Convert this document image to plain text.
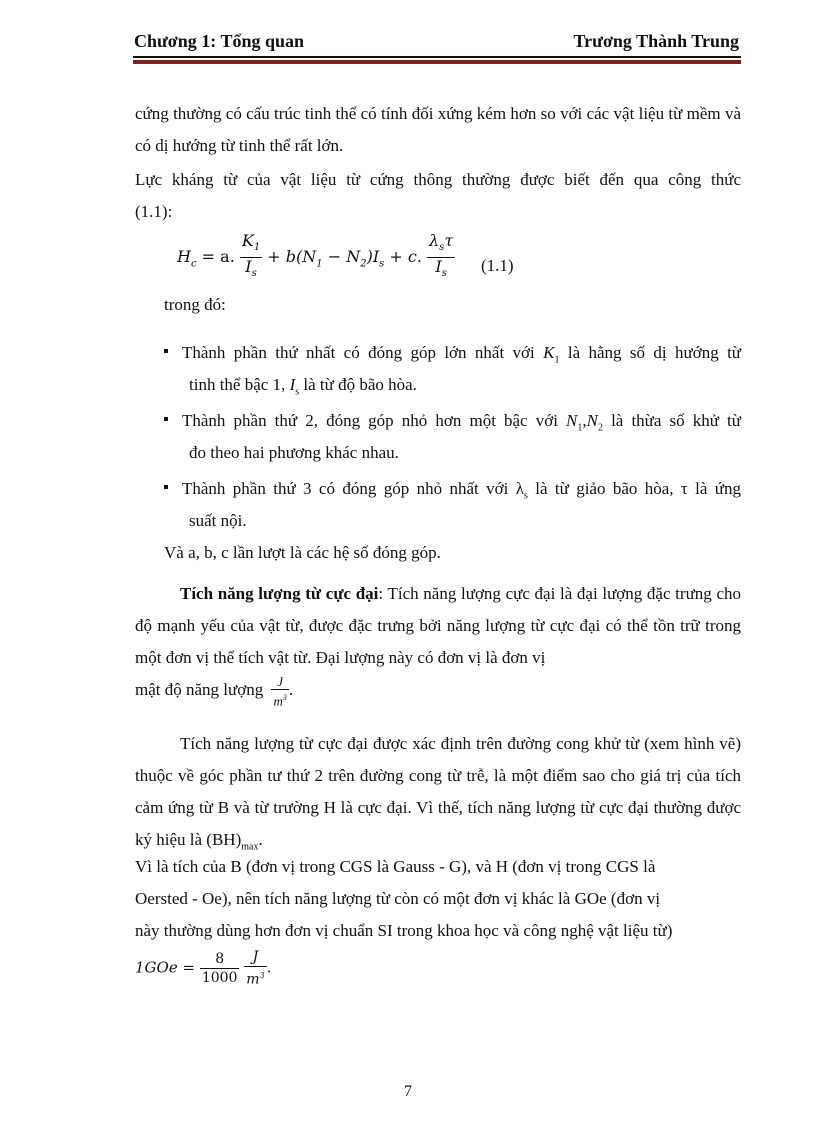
Chương 1: Tổng quan	Trương Thành Trung

cứng thường có cấu trúc tinh thể có tính đối xứng kém hơn so với các vật liệu từ mềm và có dị hướng từ tinh thể rất lớn.

Lực kháng từ của vật liệu từ cứng thông thường được biết đến qua công thức
(1.1):
$H_c = a$. $\frac{K_1}{I_s} + b(N_1 - N_2)I_s + c$. $\frac{\lambda_s\tau}{I_s} (1.1)$
trong đó:
Thành phần thứ nhất có đóng góp lớn nhất với $K_1$ là hằng số dị hướng từ
tinh thể bậc 1, $I_s$ là từ độ bão hòa.
Thành phần thứ 2, đóng góp nhỏ hơn một bậc với $N_1,N_2$ là thừa số khử từ
đo theo hai phương khác nhau.
Thành phần thứ 3 có đóng góp nhỏ nhất với $\lambda_s$ là từ giảo bão hòa, τ là ứng
suất nội.
Và a, b, c lần lượt là các hệ số đóng góp.

Tích năng lượng từ cực đại: Tích năng lượng cực đại là đại lượng đặc trưng cho độ mạnh yếu của vật từ, được đặc trưng bởi năng lượng từ cực đại có thể tồn trữ trong một đơn vị thể tích vật từ. Đại lượng này có đơn vị là đơn vị

mật độ năng lượng $\frac{J}{m^3}$ .

Tích năng lượng từ cực đại được xác định trên đường cong khử từ (xem hình vẽ) thuộc về góc phần tư thứ 2 trên đường cong từ trễ, là một điểm sao cho giá trị của tích cảm ứng từ B và từ trường H là cực đại. Vì thế, tích năng lượng từ cực đại thường được ký hiệu là $(BH)_{max}$.

Vì là tích của B (đơn vị trong CGS là Gauss - G), và H (đơn vị trong CGS là
Oersted - Oe), nên tích năng lượng từ còn có một đơn vị khác là GOe (đơn vị
này thường dùng hơn đơn vị chuẩn SI trong khoa học và công nghệ vật liệu từ)
$1GOe = \frac{8}{1000}$
$\frac{J}{m^3}$ .
7
